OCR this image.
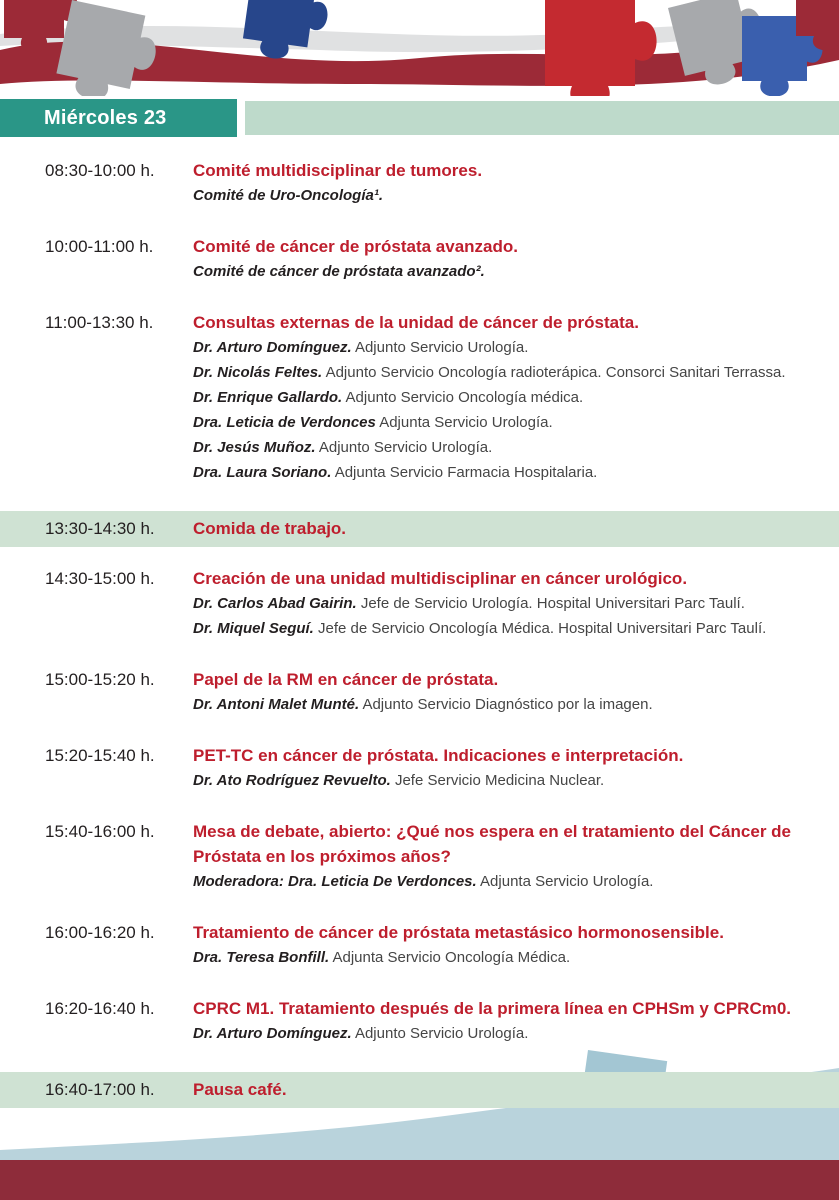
Miércoles 23
08:30-10:00 h.	Comité multidisciplinar de tumores.
Comité de Uro-Oncología¹.
10:00-11:00 h.	Comité de cáncer de próstata avanzado.
Comité de cáncer de próstata avanzado².
11:00-13:30 h.	Consultas externas de la unidad de cáncer de próstata.
Dr. Arturo Domínguez. Adjunto Servicio Urología.
Dr. Nicolás Feltes. Adjunto Servicio Oncología radioterápica. Consorci Sanitari Terrassa.
Dr. Enrique Gallardo. Adjunto Servicio Oncología médica.
Dra. Leticia de Verdonces Adjunta Servicio Urología.
Dr. Jesús Muñoz. Adjunto Servicio Urología.
Dra. Laura Soriano. Adjunta Servicio Farmacia Hospitalaria.
13:30-14:30 h.	Comida de trabajo.
14:30-15:00 h.	Creación de una unidad multidisciplinar en cáncer urológico.
Dr. Carlos Abad Gairin. Jefe de Servicio Urología. Hospital Universitari Parc Taulí.
Dr. Miquel Seguí. Jefe de Servicio Oncología Médica. Hospital Universitari Parc Taulí.
15:00-15:20 h.	Papel de la RM en cáncer de próstata.
Dr. Antoni Malet Munté. Adjunto Servicio Diagnóstico por la imagen.
15:20-15:40 h.	PET-TC en cáncer de próstata. Indicaciones e interpretación.
Dr. Ato Rodríguez Revuelto. Jefe Servicio Medicina Nuclear.
15:40-16:00 h.	Mesa de debate, abierto: ¿Qué nos espera en el tratamiento del Cáncer de Próstata en los próximos años?
Moderadora: Dra. Leticia De Verdonces. Adjunta Servicio Urología.
16:00-16:20 h.	Tratamiento de cáncer de próstata metastásico hormonosensible.
Dra. Teresa Bonfill. Adjunta Servicio Oncología Médica.
16:20-16:40 h.	CPRC M1. Tratamiento después de la primera línea en CPHSm y CPRCm0.
Dr. Arturo Domínguez. Adjunto Servicio Urología.
16:40-17:00 h.	Pausa café.
